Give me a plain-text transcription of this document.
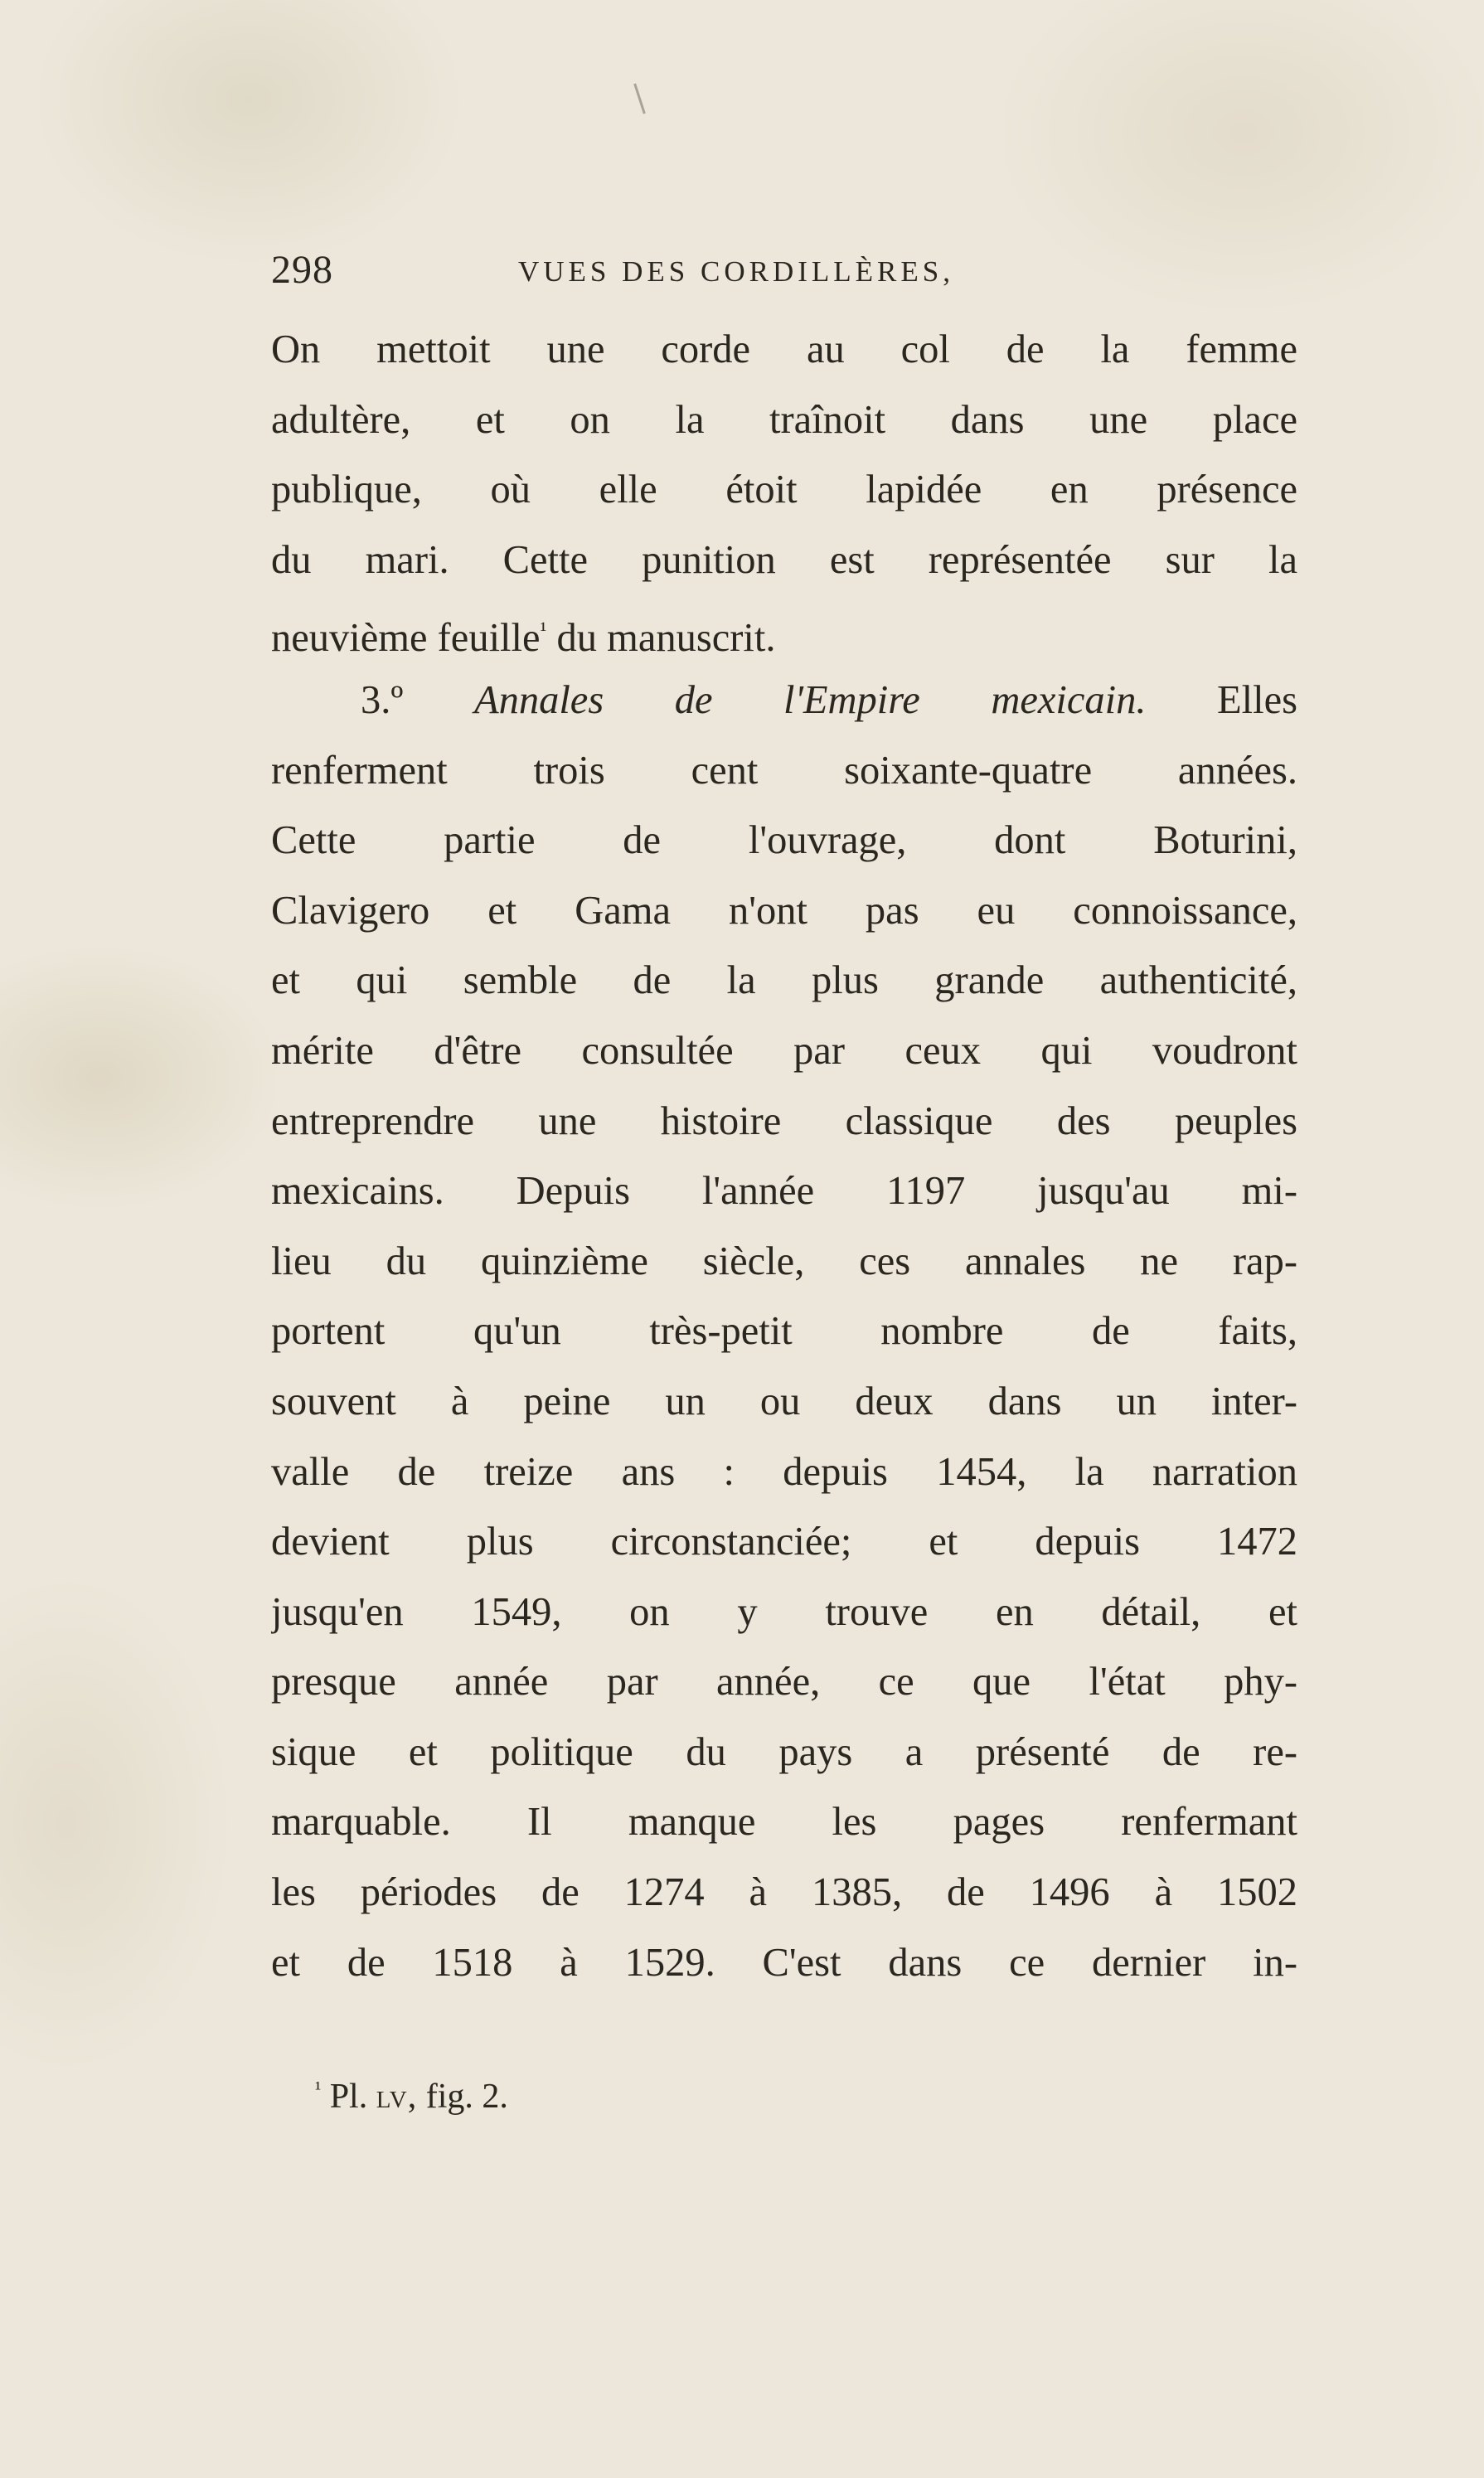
298	VUES DES CORDILLÈRES,
On mettoit une corde au col de la femme
adultère, et on la traînoit dans une place
publique, où elle étoit lapidée en présence
du mari. Cette punition est représentée sur la
neuvième feuille$^{^1}$ du manuscrit.
3.º Annales de l'Empire mexicain. Elles
renferment trois cent soixante-quatre années.
Cette partie de l'ouvrage, dont Boturini,
Clavigero et Gama n'ont pas eu connoissance,
et qui semble de la plus grande authenticité,
mérite d'être consultée par ceux qui voudront
entreprendre une histoire classique des peuples
mexicains. Depuis l'année 1197 jusqu'au mi-
lieu du quinzième siècle, ces annales ne rap-
portent qu'un très-petit nombre de faits,
souvent à peine un ou deux dans un inter-
valle de treize ans : depuis 1454, la narration
devient plus circonstanciée; et depuis 1472
jusqu'en 1549, on y trouve en détail, et
presque année par année, ce que l'état phy-
sique et politique du pays a présenté de re-
marquable. Il manque les pages renfermant
les périodes de 1274 à 1385, de 1496 à 1502
et de 1518 à 1529. C'est dans ce dernier in-
$^{^1}$ Pl. lv, fig. 2.
